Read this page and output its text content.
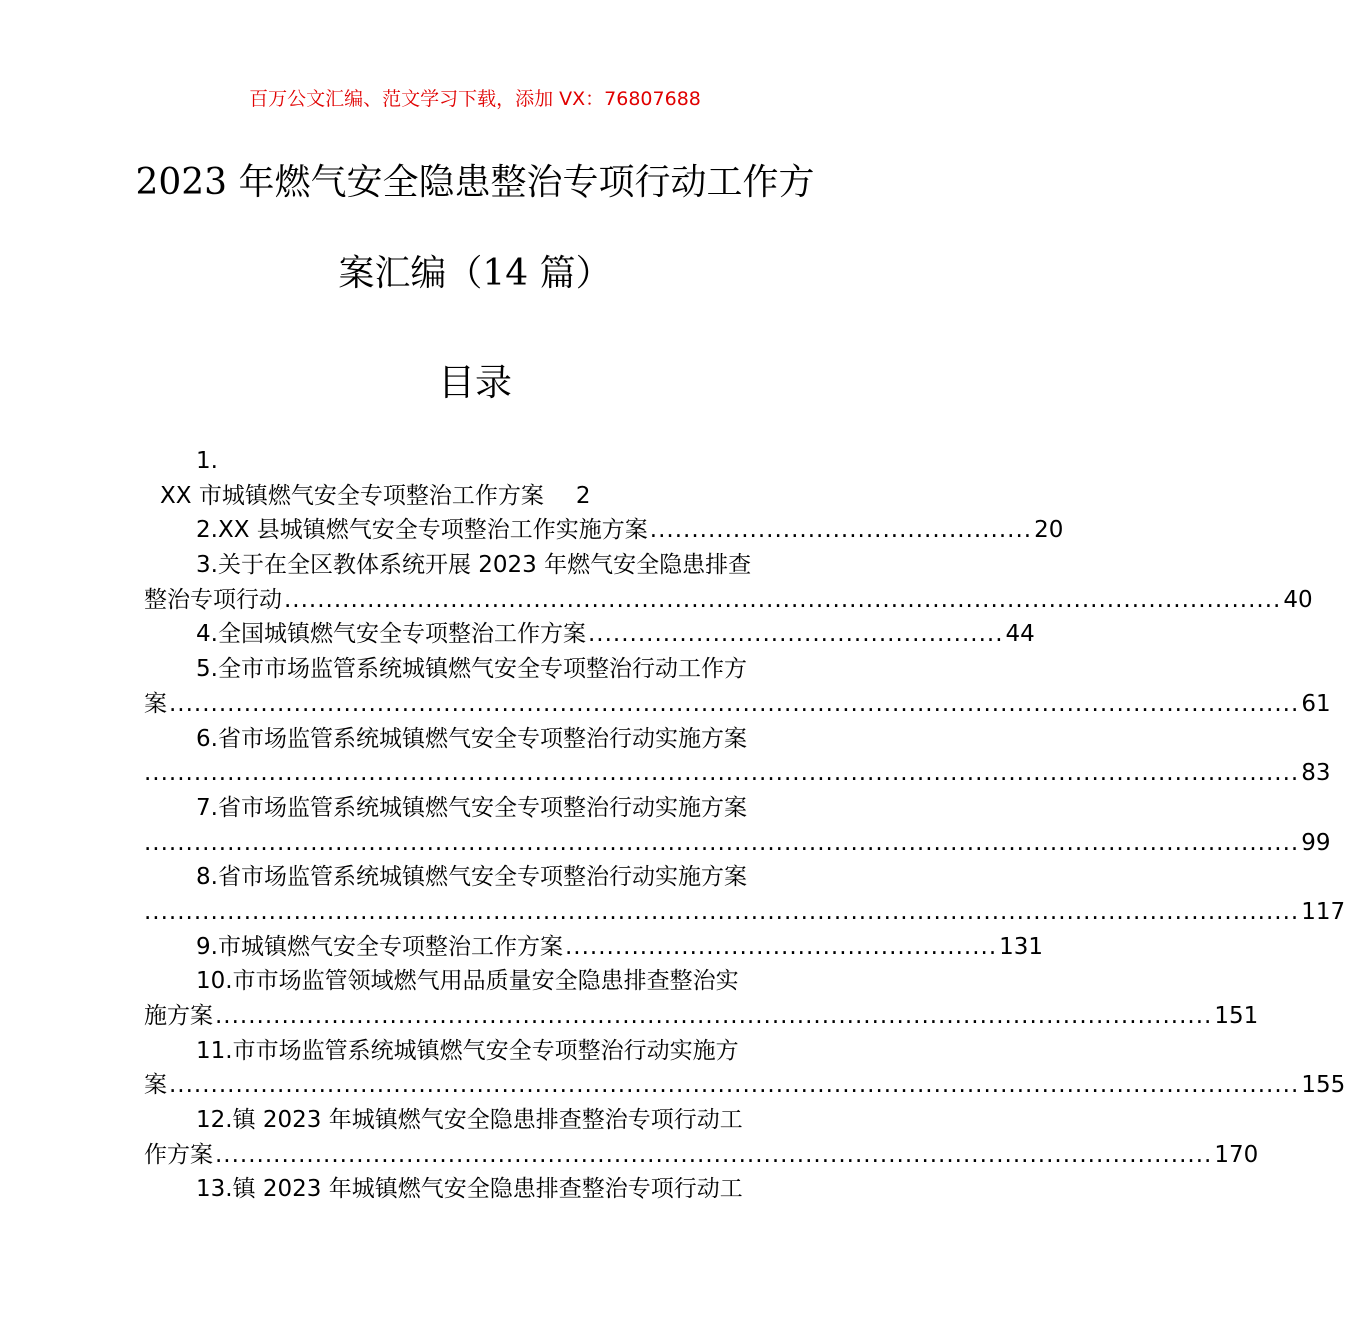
百万公文汇编、范文学习下载，添加 VX：76807688
2023 年燃气安全隐患整治专项行动工作方
案汇编（14 篇）
目录
1.
XX 市城镇燃气安全专项整治工作方案 2
2.XX 县城镇燃气安全专项整治工作实施方案 .............................................. 20
3.关于在全区教体系统开展 2023 年燃气安全隐患排查
整治专项行动 ........................................................................................................................ 40
4.全国城镇燃气安全专项整治工作方案 .................................................. 44
5.全市市场监管系统城镇燃气安全专项整治行动工作方
案 ........................................................................................................................................ 61
6.省市场监管系统城镇燃气安全专项整治行动实施方案
........................................................................................................................................... 83
7.省市场监管系统城镇燃气安全专项整治行动实施方案
........................................................................................................................................... 99
8.省市场监管系统城镇燃气安全专项整治行动实施方案
........................................................................................................................................... 117
9.市城镇燃气安全专项整治工作方案 .................................................... 131
10.市市场监管领域燃气用品质量安全隐患排查整治实
施方案 ........................................................................................................................ 151
11.市市场监管系统城镇燃气安全专项整治行动实施方
案 ........................................................................................................................................ 155
12.镇 2023 年城镇燃气安全隐患排查整治专项行动工
作方案 ........................................................................................................................ 170
13.镇 2023 年城镇燃气安全隐患排查整治专项行动工
